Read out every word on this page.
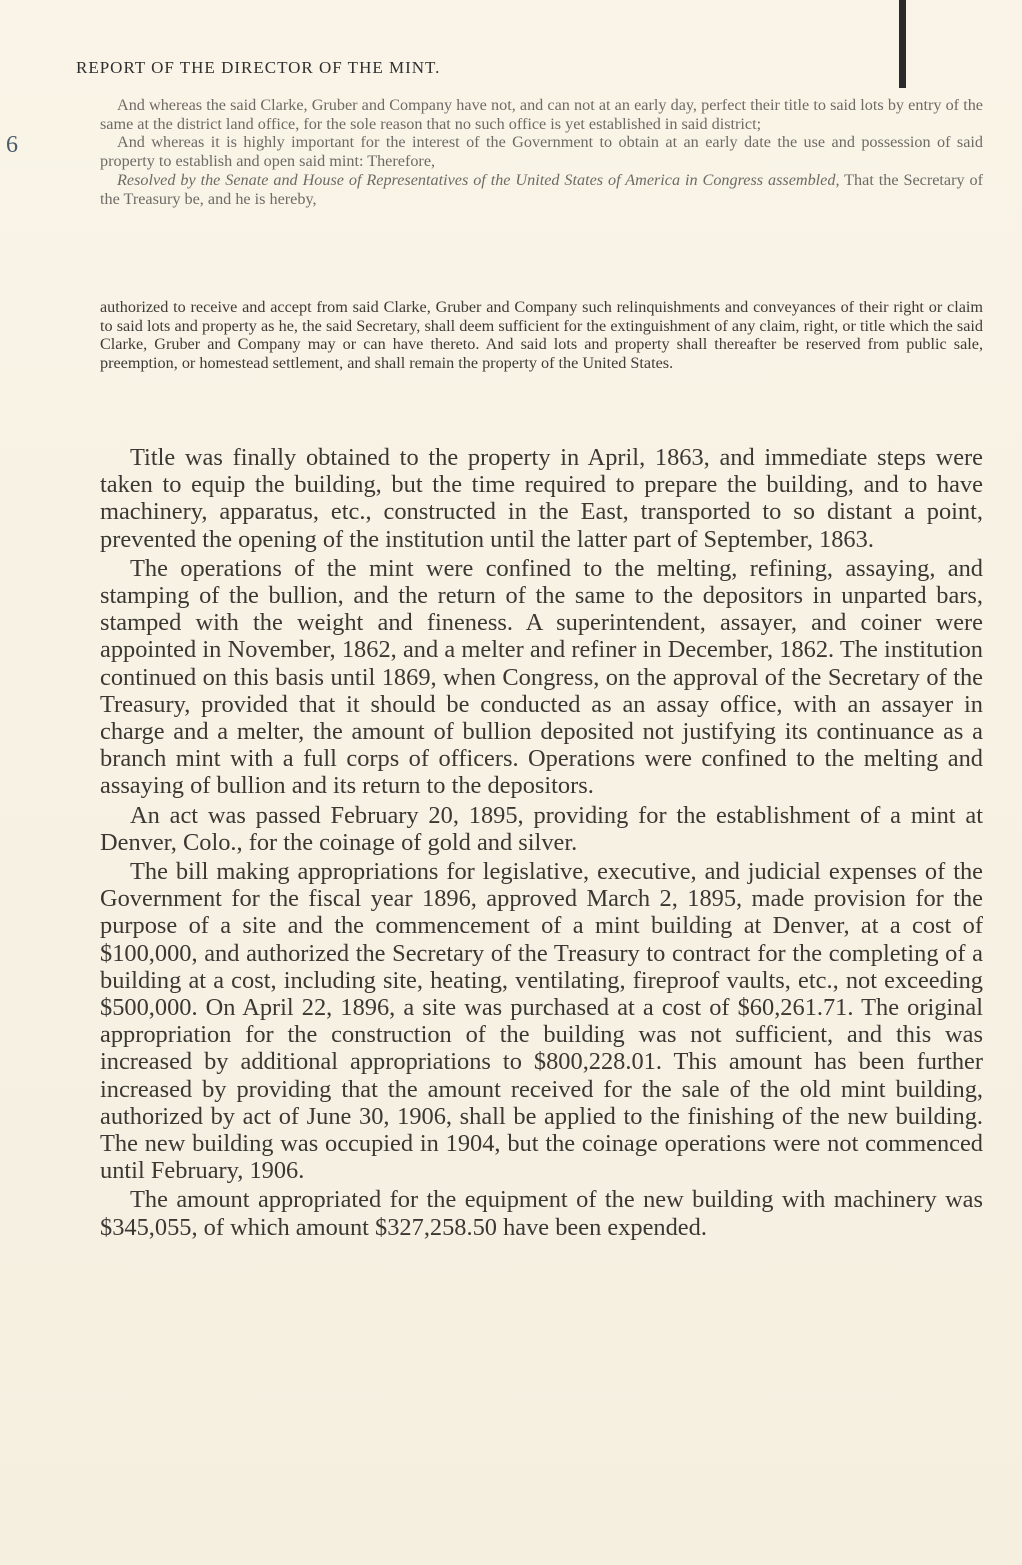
REPORT OF THE DIRECTOR OF THE MINT.
6

And whereas the said Clarke, Gruber and Company have not, and can not at an early day, perfect their title to said lots by entry of the same at the district land office, for the sole reason that no such office is yet established in said district;

And whereas it is highly important for the interest of the Government to obtain at an early date the use and possession of said property to establish and open said mint: Therefore,

Resolved by the Senate and House of Representatives of the United States of America in Congress assembled, That the Secretary of the Treasury be, and he is hereby,

authorized to receive and accept from said Clarke, Gruber and Company such relinquishments and conveyances of their right or claim to said lots and property as he, the said Secretary, shall deem sufficient for the extinguishment of any claim, right, or title which the said Clarke, Gruber and Company may or can have thereto. And said lots and property shall thereafter be reserved from public sale, preemption, or homestead settlement, and shall remain the property of the United States.

Title was finally obtained to the property in April, 1863, and immediate steps were taken to equip the building, but the time required to prepare the building, and to have machinery, apparatus, etc., constructed in the East, transported to so distant a point, prevented the opening of the institution until the latter part of September, 1863.

The operations of the mint were confined to the melting, refining, assaying, and stamping of the bullion, and the return of the same to the depositors in unparted bars, stamped with the weight and fineness. A superintendent, assayer, and coiner were appointed in November, 1862, and a melter and refiner in December, 1862. The institution continued on this basis until 1869, when Congress, on the approval of the Secretary of the Treasury, provided that it should be conducted as an assay office, with an assayer in charge and a melter, the amount of bullion deposited not justifying its continuance as a branch mint with a full corps of officers. Operations were confined to the melting and assaying of bullion and its return to the depositors.

An act was passed February 20, 1895, providing for the establishment of a mint at Denver, Colo., for the coinage of gold and silver.

The bill making appropriations for legislative, executive, and judicial expenses of the Government for the fiscal year 1896, approved March 2, 1895, made provision for the purpose of a site and the commencement of a mint building at Denver, at a cost of $100,000, and authorized the Secretary of the Treasury to contract for the completing of a building at a cost, including site, heating, ventilating, fireproof vaults, etc., not exceeding $500,000. On April 22, 1896, a site was purchased at a cost of $60,261.71. The original appropriation for the construction of the building was not sufficient, and this was increased by additional appropriations to $800,228.01. This amount has been further increased by providing that the amount received for the sale of the old mint building, authorized by act of June 30, 1906, shall be applied to the finishing of the new building. The new building was occupied in 1904, but the coinage operations were not commenced until February, 1906.

The amount appropriated for the equipment of the new building with machinery was $345,055, of which amount $327,258.50 have been expended.
